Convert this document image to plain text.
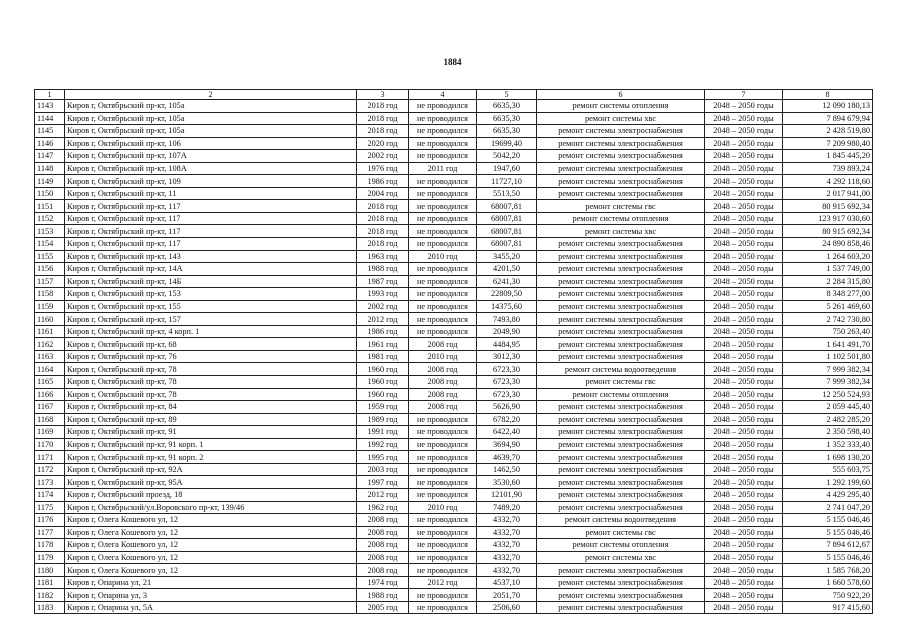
1884
1	2	3	4	5	6	7	8
1143	Киров г, Октябрьский пр-кт, 105а	2018 год	не проводился	6635,30	ремонт системы отопления	2048 – 2050 годы	12 090 180,13
1144	Киров г, Октябрьский пр-кт, 105а	2018 год	не проводился	6635,30	ремонт системы хвс	2048 – 2050 годы	7 894 679,94
1145	Киров г, Октябрьский пр-кт, 105а	2018 год	не проводился	6635,30	ремонт системы электроснабжения	2048 – 2050 годы	2 428 519,80
1146	Киров г, Октябрьский пр-кт, 106	2020 год	не проводился	19699,40	ремонт системы электроснабжения	2048 – 2050 годы	7 209 980,40
1147	Киров г, Октябрьский пр-кт, 107А	2002 год	не проводился	5042,20	ремонт системы электроснабжения	2048 – 2050 годы	1 845 445,20
1148	Киров г, Октябрьский пр-кт, 108А	1976 год	2011 год	1947,60	ремонт системы электроснабжения	2048 – 2050 годы	739 893,24
1149	Киров г, Октябрьский пр-кт, 109	1986 год	не проводился	11727,10	ремонт системы электроснабжения	2048 – 2050 годы	4 292 118,60
1150	Киров г, Октябрьский пр-кт, 11	2004 год	не проводился	5513,50	ремонт системы электроснабжения	2048 – 2050 годы	2 017 941,00
1151	Киров г, Октябрьский пр-кт, 117	2018 год	не проводился	68007,81	ремонт системы гвс	2048 – 2050 годы	80 915 692,34
1152	Киров г, Октябрьский пр-кт, 117	2018 год	не проводился	68007,81	ремонт системы отопления	2048 – 2050 годы	123 917 030,60
1153	Киров г, Октябрьский пр-кт, 117	2018 год	не проводился	68007,81	ремонт системы хвс	2048 – 2050 годы	80 915 692,34
1154	Киров г, Октябрьский пр-кт, 117	2018 год	не проводился	68007,81	ремонт системы электроснабжения	2048 – 2050 годы	24 890 858,46
1155	Киров г, Октябрьский пр-кт, 143	1963 год	2010 год	3455,20	ремонт системы электроснабжения	2048 – 2050 годы	1 264 603,20
1156	Киров г, Октябрьский пр-кт, 14А	1988 год	не проводился	4201,50	ремонт системы электроснабжения	2048 – 2050 годы	1 537 749,00
1157	Киров г, Октябрьский пр-кт, 14Б	1987 год	не проводился	6241,30	ремонт системы электроснабжения	2048 – 2050 годы	2 284 315,80
1158	Киров г, Октябрьский пр-кт, 153	1993 год	не проводился	22809,50	ремонт системы электроснабжения	2048 – 2050 годы	8 348 277,00
1159	Киров г, Октябрьский пр-кт, 155	2002 год	не проводился	14375,60	ремонт системы электроснабжения	2048 – 2050 годы	5 261 469,60
1160	Киров г, Октябрьский пр-кт, 157	2012 год	не проводился	7493,80	ремонт системы электроснабжения	2048 – 2050 годы	2 742 730,80
1161	Киров г, Октябрьский пр-кт, 4 корп. 1	1986 год	не проводился	2049,90	ремонт системы электроснабжения	2048 – 2050 годы	750 263,40
1162	Киров г, Октябрьский пр-кт, 68	1961 год	2008 год	4484,95	ремонт системы электроснабжения	2048 – 2050 годы	1 641 491,70
1163	Киров г, Октябрьский пр-кт, 76	1981 год	2010 год	3012,30	ремонт системы электроснабжения	2048 – 2050 годы	1 102 501,80
1164	Киров г, Октябрьский пр-кт, 78	1960 год	2008 год	6723,30	ремонт системы водоотведения	2048 – 2050 годы	7 999 382,34
1165	Киров г, Октябрьский пр-кт, 78	1960 год	2008 год	6723,30	ремонт системы гвс	2048 – 2050 годы	7 999 382,34
1166	Киров г, Октябрьский пр-кт, 78	1960 год	2008 год	6723,30	ремонт системы отопления	2048 – 2050 годы	12 250 524,93
1167	Киров г, Октябрьский пр-кт, 84	1959 год	2008 год	5626,90	ремонт системы электроснабжения	2048 – 2050 годы	2 059 445,40
1168	Киров г, Октябрьский пр-кт, 89	1989 год	не проводился	6782,20	ремонт системы электроснабжения	2048 – 2050 годы	2 482 285,20
1169	Киров г, Октябрьский пр-кт, 91	1991 год	не проводился	6422,40	ремонт системы электроснабжения	2048 – 2050 годы	2 350 598,40
1170	Киров г, Октябрьский пр-кт, 91 корп. 1	1992 год	не проводился	3694,90	ремонт системы электроснабжения	2048 – 2050 годы	1 352 333,40
1171	Киров г, Октябрьский пр-кт, 91 корп. 2	1995 год	не проводился	4639,70	ремонт системы электроснабжения	2048 – 2050 годы	1 698 130,20
1172	Киров г, Октябрьский пр-кт, 92А	2003 год	не проводился	1462,50	ремонт системы электроснабжения	2048 – 2050 годы	555 603,75
1173	Киров г, Октябрьский пр-кт, 95А	1997 год	не проводился	3530,60	ремонт системы электроснабжения	2048 – 2050 годы	1 292 199,60
1174	Киров г, Октябрьский проезд, 18	2012 год	не проводился	12101,90	ремонт системы электроснабжения	2048 – 2050 годы	4 429 295,40
1175	Киров г, Октябрьский/ул.Воровского пр-кт, 139/46	1962 год	2010 год	7489,20	ремонт системы электроснабжения	2048 – 2050 годы	2 741 047,20
1176	Киров г, Олега Кошевого ул, 12	2008 год	не проводился	4332,70	ремонт системы водоотведения	2048 – 2050 годы	5 155 046,46
1177	Киров г, Олега Кошевого ул, 12	2008 год	не проводился	4332,70	ремонт системы гвс	2048 – 2050 годы	5 155 046,46
1178	Киров г, Олега Кошевого ул, 12	2008 год	не проводился	4332,70	ремонт системы отопления	2048 – 2050 годы	7 894 612,67
1179	Киров г, Олега Кошевого ул, 12	2008 год	не проводился	4332,70	ремонт системы хвс	2048 – 2050 годы	5 155 046,46
1180	Киров г, Олега Кошевого ул, 12	2008 год	не проводился	4332,70	ремонт системы электроснабжения	2048 – 2050 годы	1 585 768,20
1181	Киров г, Опарина ул, 21	1974 год	2012 год	4537,10	ремонт системы электроснабжения	2048 – 2050 годы	1 660 578,60
1182	Киров г, Опарина ул, 3	1988 год	не проводился	2051,70	ремонт системы электроснабжения	2048 – 2050 годы	750 922,20
1183	Киров г, Опарина ул, 5А	2005 год	не проводился	2506,60	ремонт системы электроснабжения	2048 – 2050 годы	917 415,60
